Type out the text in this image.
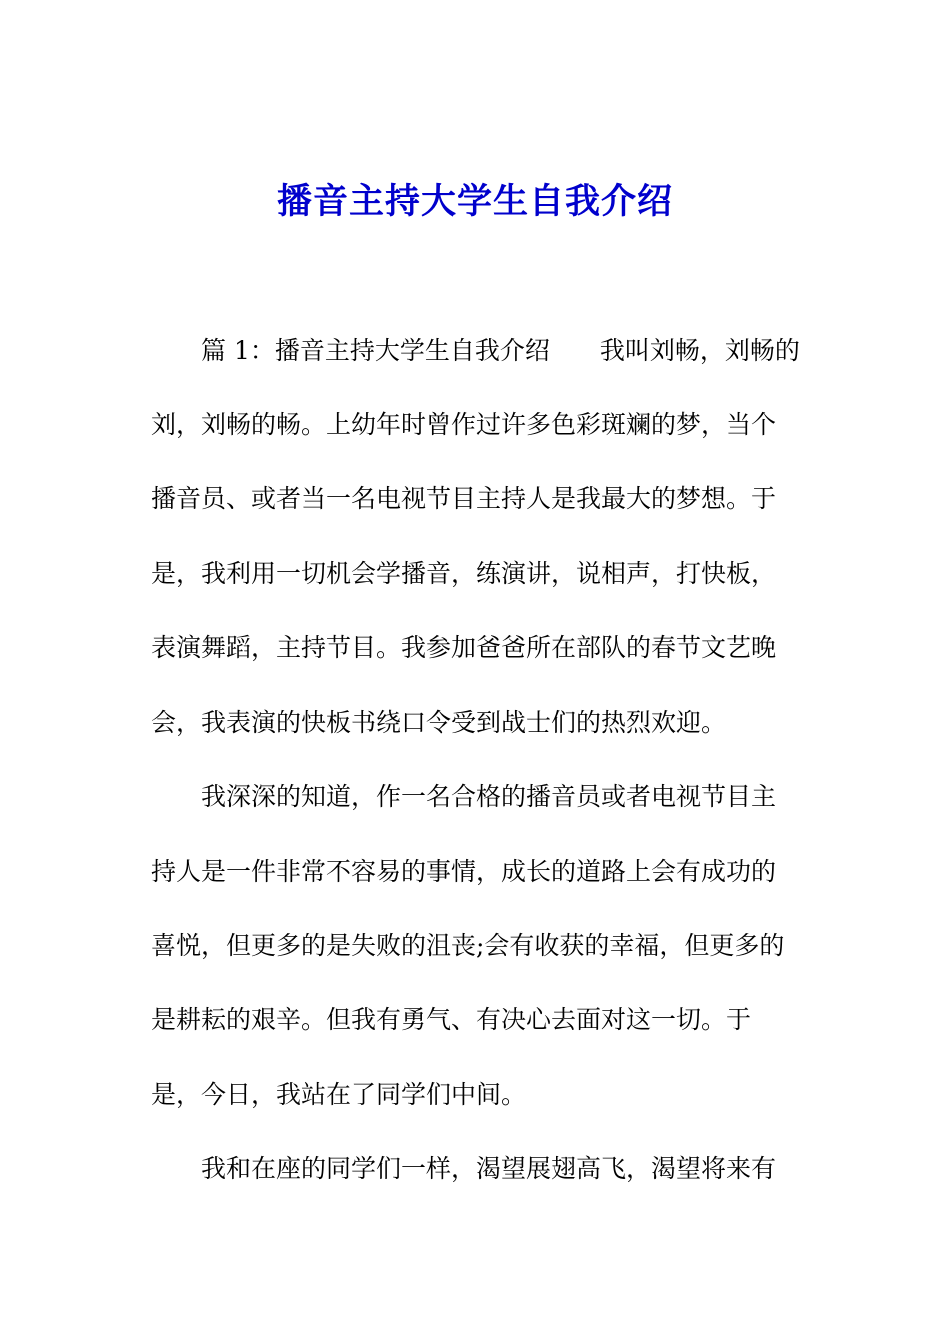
播音主持大学生自我介绍
篇 1：播音主持大学生自我介绍 我叫刘畅，刘畅的
刘，刘畅的畅。上幼年时曾作过许多色彩斑斓的梦，当个
播音员、或者当一名电视节目主持人是我最大的梦想。于
是，我利用一切机会学播音，练演讲，说相声，打快板，
表演舞蹈，主持节目。我参加爸爸所在部队的春节文艺晚
会，我表演的快板书绕口令受到战士们的热烈欢迎。
我深深的知道，作一名合格的播音员或者电视节目主
持人是一件非常不容易的事情，成长的道路上会有成功的
喜悦，但更多的是失败的沮丧;会有收获的幸福，但更多的
是耕耘的艰辛。但我有勇气、有决心去面对这一切。于
是，今日，我站在了同学们中间。
我和在座的同学们一样，渴望展翅高飞，渴望将来有
